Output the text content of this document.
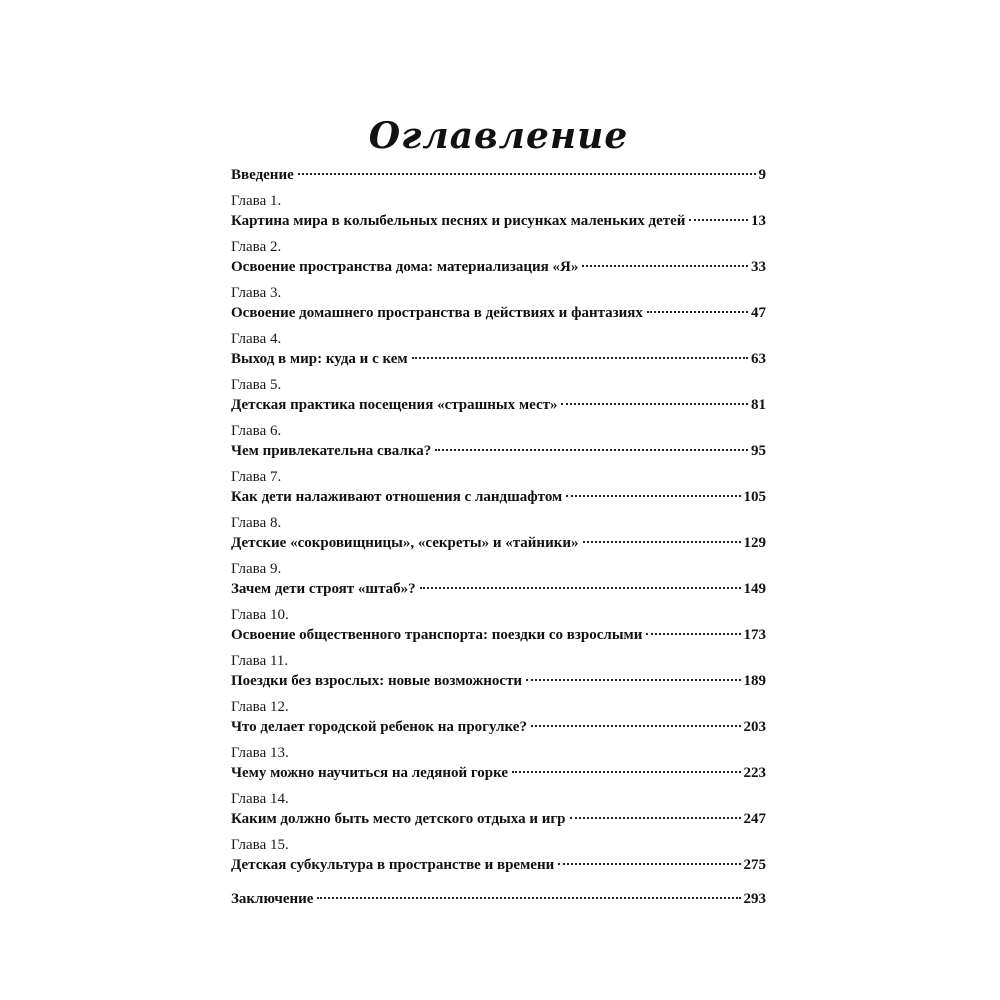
Оглавление
Введение	9
Глава 1.
Картина мира в колыбельных песнях и рисунках маленьких детей	13
Глава 2.
Освоение пространства дома: материализация «Я»	33
Глава 3.
Освоение домашнего пространства в действиях и фантазиях	47
Глава 4.
Выход в мир: куда и с кем	63
Глава 5.
Детская практика посещения «страшных мест»	81
Глава 6.
Чем привлекательна свалка?	95
Глава 7.
Как дети налаживают отношения с ландшафтом	105
Глава 8.
Детские «сокровищницы», «секреты» и «тайники»	129
Глава 9.
Зачем дети строят «штаб»?	149
Глава 10.
Освоение общественного транспорта: поездки со взрослыми	173
Глава 11.
Поездки без взрослых: новые возможности	189
Глава 12.
Что делает городской ребенок на прогулке?	203
Глава 13.
Чему можно научиться на ледяной горке	223
Глава 14.
Каким должно быть место детского отдыха и игр	247
Глава 15.
Детская субкультура в пространстве и времени	275
Заключение	293
